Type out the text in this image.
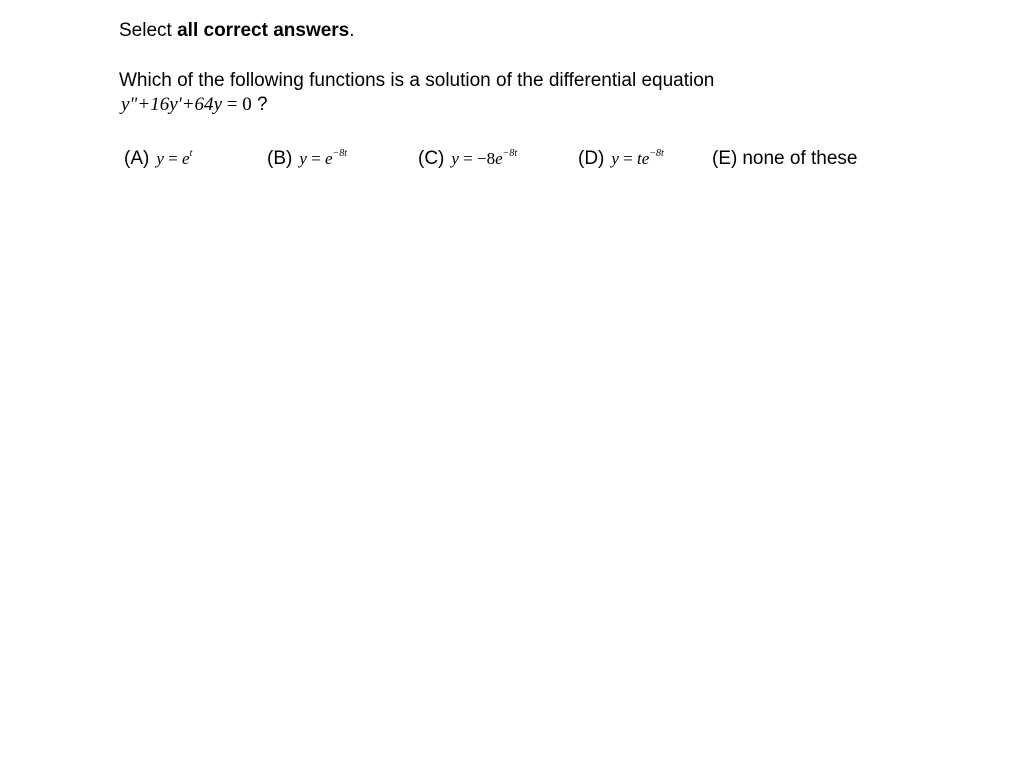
Select all correct answers.
Which of the following functions is a solution of the differential equation
y"+16y'+64y = 0 ?
(A) $y = e^t$	(B) $y = e^{-8t}$	(C) $y = -8e^{-8t}$	(D) $y = te^{-8t}$	(E) none of these
